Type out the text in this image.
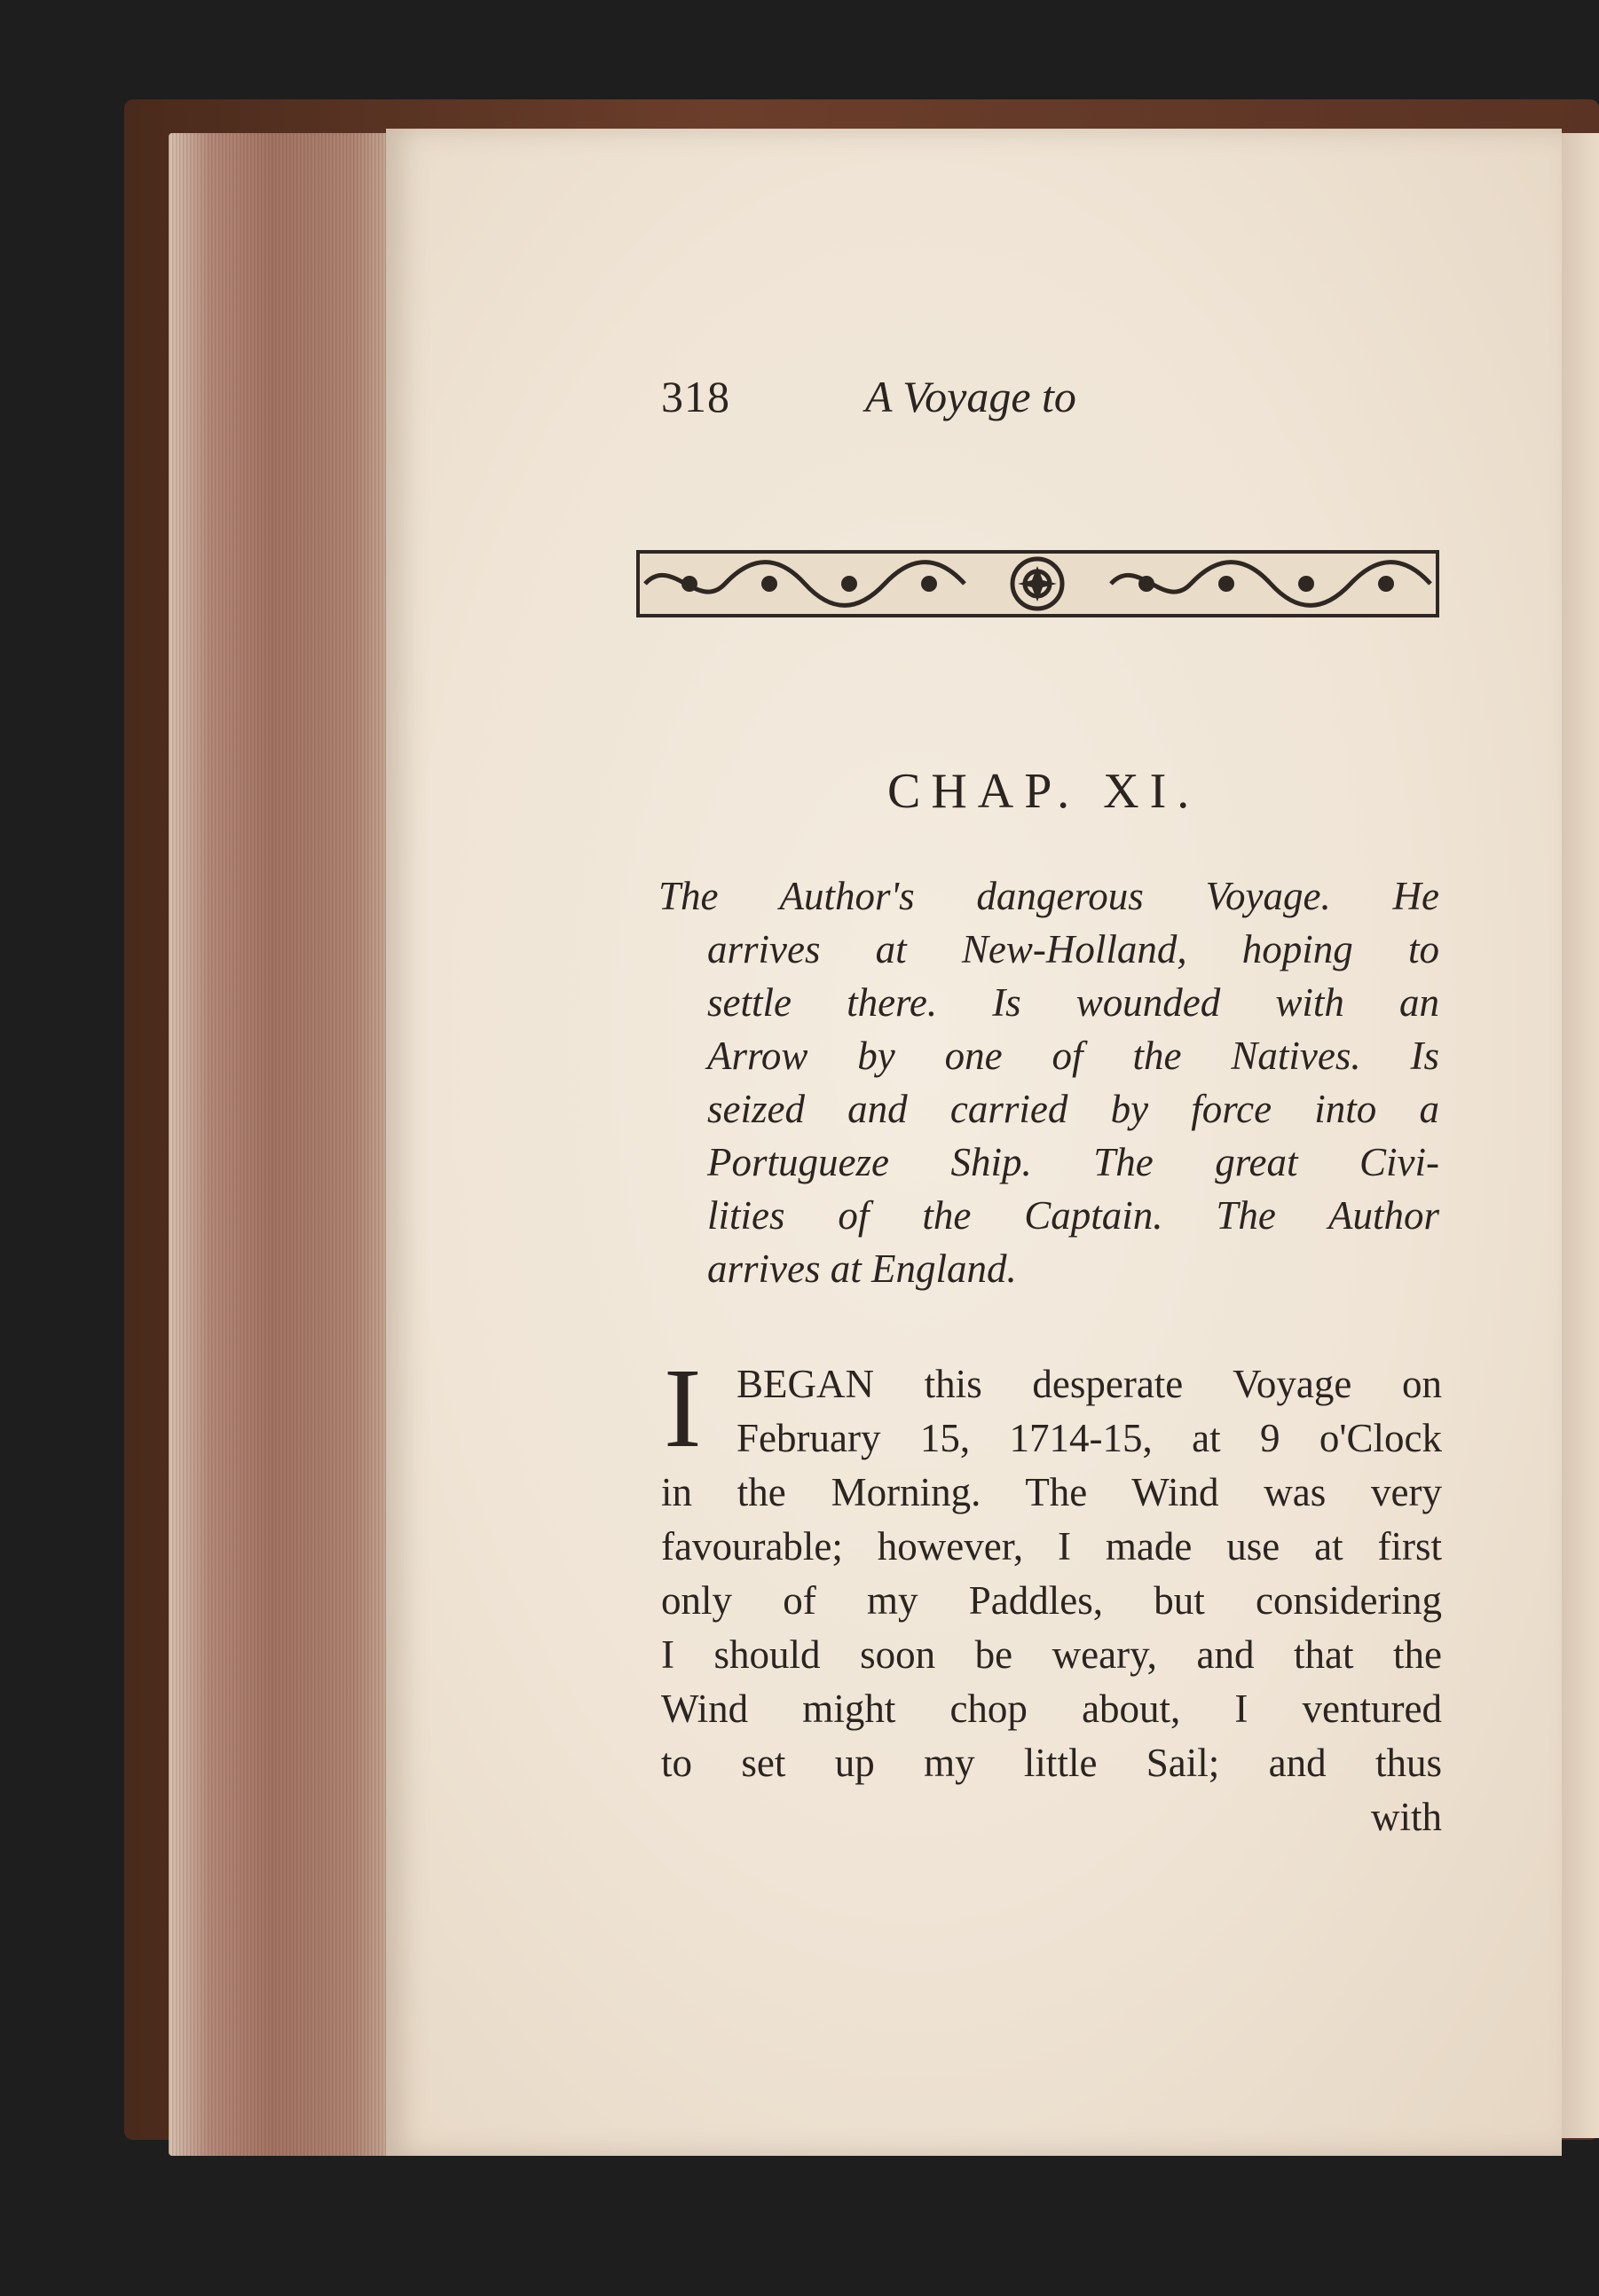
318	A Voyage to
CHAP. XI.
The Author's dangerous Voyage. He
arrives at New-Holland, hoping to
settle there. Is wounded with an
Arrow by one of the Natives. Is
seized and carried by force into a
Portugueze Ship. The great Civi-
lities of the Captain. The Author
arrives at England.
I BEGAN this desperate Voyage on
February 15, 1714-15, at 9 o'Clock
in the Morning. The Wind was very
favourable; however, I made use at first
only of my Paddles, but considering
I should soon be weary, and that the
Wind might chop about, I ventured
to set up my little Sail; and thus
with
